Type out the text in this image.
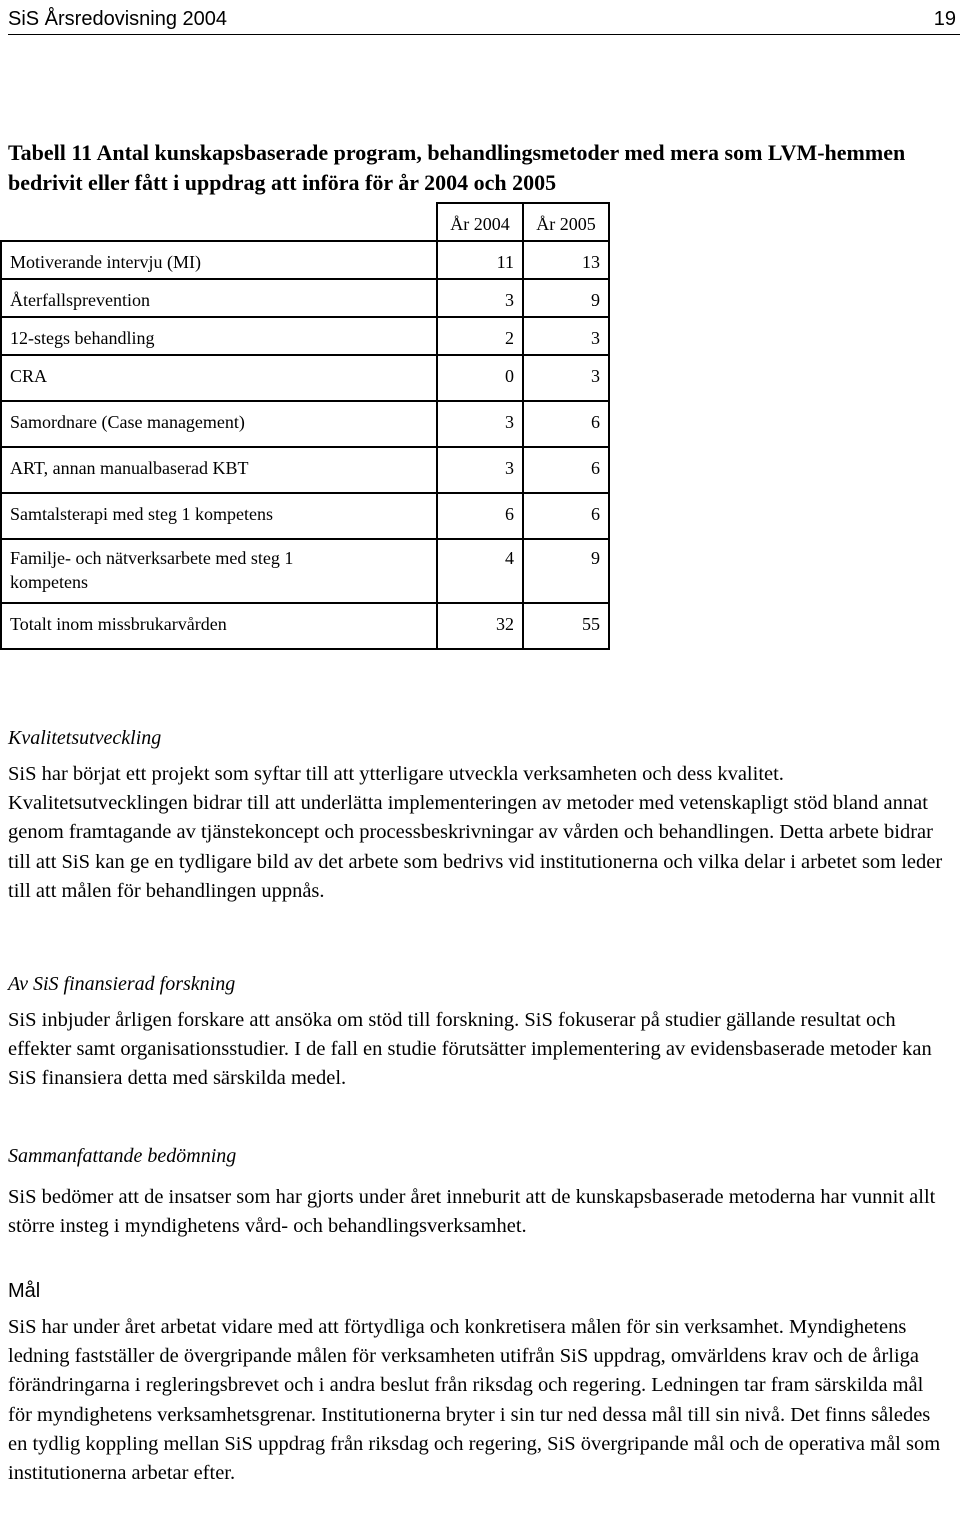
SiS Årsredovisning 2004	19
Tabell 11 Antal kunskapsbaserade program, behandlingsmetoder med mera som LVM-hemmen bedrivit eller fått i uppdrag att införa för år 2004 och 2005
	År 2004	År 2005
Motiverande intervju (MI)	11	13
Återfallsprevention	3	9
12-stegs behandling	2	3
CRA	0	3
Samordnare (Case management)	3	6
ART, annan manualbaserad KBT	3	6
Samtalsterapi med steg 1 kompetens	6	6
Familje- och nätverksarbete med steg 1 kompetens	4	9
Totalt inom missbrukarvården	32	55
Kvalitetsutveckling

SiS har börjat ett projekt som syftar till att ytterligare utveckla verksamheten och dess kvalitet. Kvalitetsutvecklingen bidrar till att underlätta implementeringen av metoder med vetenskapligt stöd bland annat genom framtagande av tjänstekoncept och processbeskrivningar av vården och behandlingen. Detta arbete bidrar till att SiS kan ge en tydligare bild av det arbete som bedrivs vid institutionerna och vilka delar i arbetet som leder till att målen för behandlingen uppnås.

Av SiS finansierad forskning

SiS inbjuder årligen forskare att ansöka om stöd till forskning. SiS fokuserar på studier gällande resultat och effekter samt organisationsstudier. I de fall en studie förutsätter implementering av evidensbaserade metoder kan SiS finansiera detta med särskilda medel.

Sammanfattande bedömning

SiS bedömer att de insatser som har gjorts under året inneburit att de kunskapsbaserade metoderna har vunnit allt större insteg i myndighetens vård- och behandlingsverksamhet.

Mål

SiS har under året arbetat vidare med att förtydliga och konkretisera målen för sin verksamhet. Myndighetens ledning fastställer de övergripande målen för verksamheten utifrån SiS uppdrag, omvärldens krav och de årliga förändringarna i regleringsbrevet och i andra beslut från riksdag och regering. Ledningen tar fram särskilda mål för myndighetens verksamhetsgrenar. Institutionerna bryter i sin tur ned dessa mål till sin nivå. Det finns således en tydlig koppling mellan SiS uppdrag från riksdag och regering, SiS övergripande mål och de operativa mål som institutionerna arbetar efter.
